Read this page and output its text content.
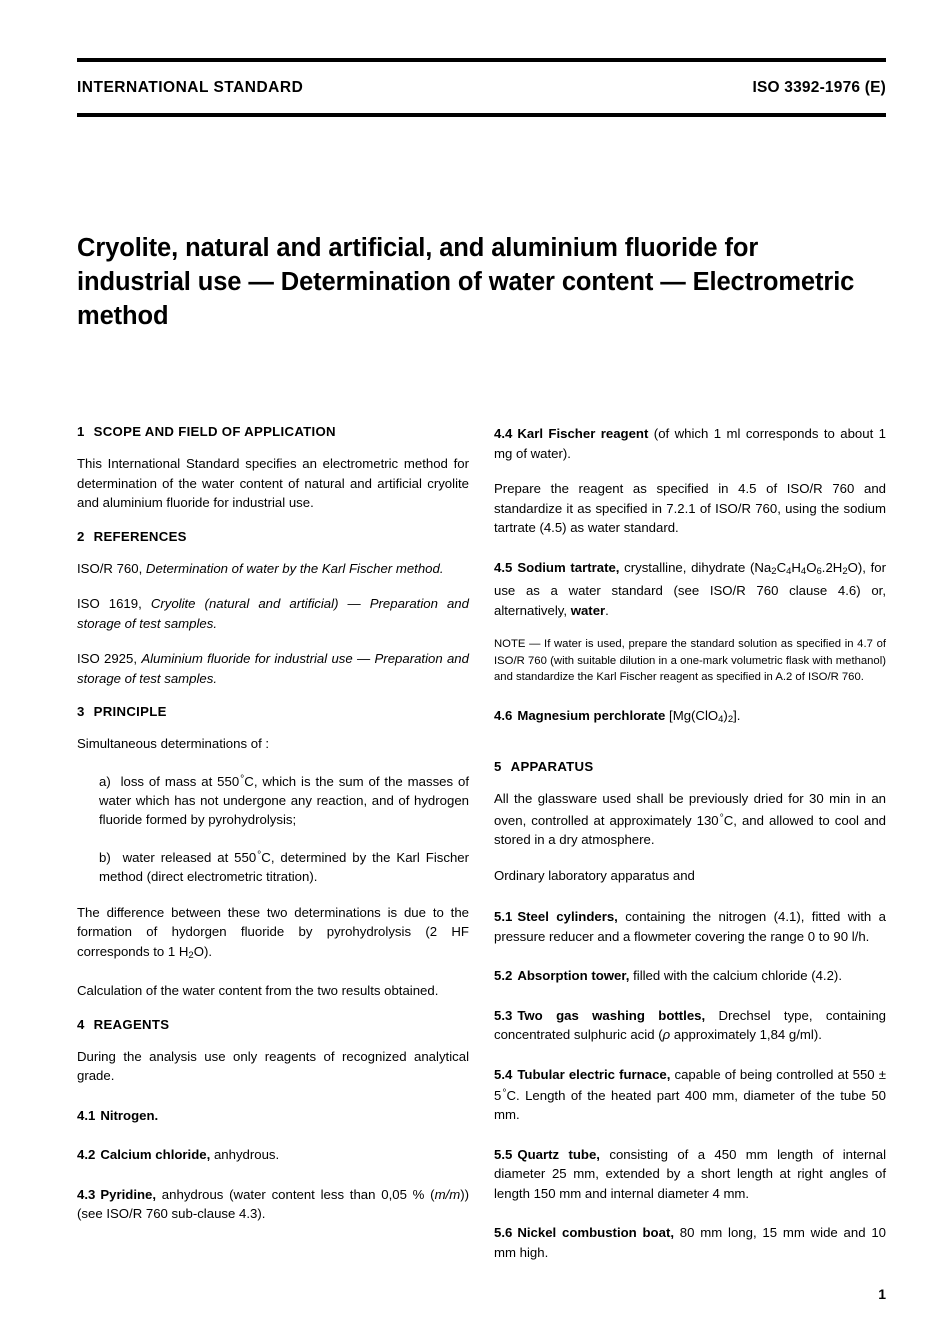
INTERNATIONAL STANDARD	ISO 3392-1976 (E)
Cryolite, natural and artificial, and aluminium fluoride for industrial use — Determination of water content — Electrometric method
1 SCOPE AND FIELD OF APPLICATION

This International Standard specifies an electrometric method for determination of the water content of natural and artificial cryolite and aluminium fluoride for industrial use.

2 REFERENCES

ISO/R 760, Determination of water by the Karl Fischer method.

ISO 1619, Cryolite (natural and artificial) — Preparation and storage of test samples.

ISO 2925, Aluminium fluoride for industrial use — Preparation and storage of test samples.

3 PRINCIPLE

Simultaneous determinations of :

a) loss of mass at 550°C, which is the sum of the masses of water which has not undergone any reaction, and of hydrogen fluoride formed by pyrohydrolysis;

b) water released at 550°C, determined by the Karl Fischer method (direct electrometric titration).

The difference between these two determinations is due to the formation of hydorgen fluoride by pyrohydrolysis (2 HF corresponds to 1 $H_2O$).

Calculation of the water content from the two results obtained.

4 REAGENTS

During the analysis use only reagents of recognized analytical grade.

4.1 Nitrogen.

4.2 Calcium chloride, anhydrous.

4.3 Pyridine, anhydrous (water content less than 0,05 % (m/m)) (see ISO/R 760 sub-clause 4.3).

4.4 Karl Fischer reagent (of which 1 ml corresponds to about 1 mg of water).

Prepare the reagent as specified in 4.5 of ISO/R 760 and standardize it as specified in 7.2.1 of ISO/R 760, using the sodium tartrate (4.5) as water standard.

4.5 Sodium tartrate, crystalline, dihydrate $(Na_2C_4H_4O_6.2H_2O)$, for use as a water standard (see ISO/R 760 clause 4.6) or, alternatively, water.

NOTE — If water is used, prepare the standard solution as specified in 4.7 of ISO/R 760 (with suitable dilution in a one-mark volumetric flask with methanol) and standardize the Karl Fischer reagent as specified in A.2 of ISO/R 760.

4.6 Magnesium perchlorate $[Mg(ClO_4)_2]$.

5 APPARATUS

All the glassware used shall be previously dried for 30 min in an oven, controlled at approximately 130°C, and allowed to cool and stored in a dry atmosphere.

Ordinary laboratory apparatus and

5.1 Steel cylinders, containing the nitrogen (4.1), fitted with a pressure reducer and a flowmeter covering the range 0 to 90 l/h.

5.2 Absorption tower, filled with the calcium chloride (4.2).

5.3 Two gas washing bottles, Drechsel type, containing concentrated sulphuric acid (ρ approximately 1,84 g/ml).

5.4 Tubular electric furnace, capable of being controlled at 550 ± 5°C. Length of the heated part 400 mm, diameter of the tube 50 mm.

5.5 Quartz tube, consisting of a 450 mm length of internal diameter 25 mm, extended by a short length at right angles of length 150 mm and internal diameter 4 mm.

5.6 Nickel combustion boat, 80 mm long, 15 mm wide and 10 mm high.

1
